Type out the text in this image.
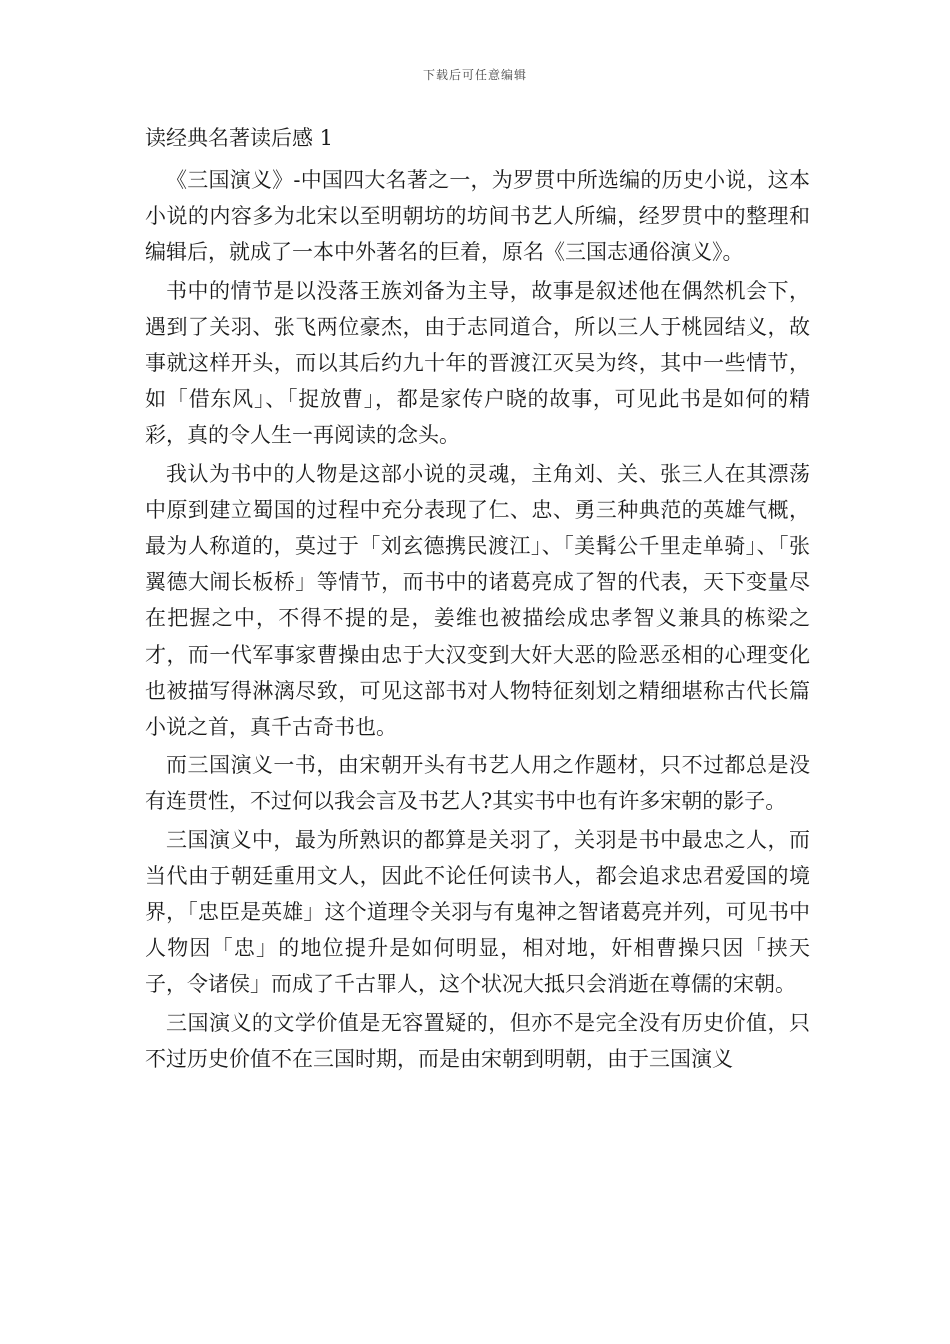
下载后可任意编辑
读经典名著读后感 1

《三国演义》-中国四大名著之一，为罗贯中所选编的历史小说，这本小说的内容多为北宋以至明朝坊的坊间书艺人所编，经罗贯中的整理和编辑后，就成了一本中外著名的巨着，原名《三国志通俗演义》。

书中的情节是以没落王族刘备为主导，故事是叙述他在偶然机会下，遇到了关羽、张飞两位豪杰，由于志同道合，所以三人于桃园结义，故事就这样开头，而以其后约九十年的晋渡江灭吴为终，其中一些情节，如「借东风」、「捉放曹」，都是家传户晓的故事，可见此书是如何的精彩，真的令人生一再阅读的念头。

我认为书中的人物是这部小说的灵魂，主角刘、关、张三人在其漂荡中原到建立蜀国的过程中充分表现了仁、忠、勇三种典范的英雄气概，最为人称道的，莫过于「刘玄德携民渡江」、「美髯公千里走单骑」、「张翼德大闹长板桥」等情节，而书中的诸葛亮成了智的代表，天下变量尽在把握之中，不得不提的是，姜维也被描绘成忠孝智义兼具的栋梁之才，而一代军事家曹操由忠于大汉变到大奸大恶的险恶丞相的心理变化也被描写得淋漓尽致，可见这部书对人物特征刻划之精细堪称古代长篇小说之首，真千古奇书也。

而三国演义一书，由宋朝开头有书艺人用之作题材，只不过都总是没有连贯性，不过何以我会言及书艺人?其实书中也有许多宋朝的影子。

三国演义中，最为所熟识的都算是关羽了，关羽是书中最忠之人，而当代由于朝廷重用文人，因此不论任何读书人，都会追求忠君爱国的境界，「忠臣是英雄」这个道理令关羽与有鬼神之智诸葛亮并列，可见书中人物因「忠」的地位提升是如何明显，相对地，奸相曹操只因「挟天子，令诸侯」而成了千古罪人，这个状况大抵只会消逝在尊儒的宋朝。

三国演义的文学价值是无容置疑的，但亦不是完全没有历史价值，只不过历史价值不在三国时期，而是由宋朝到明朝，由于三国演义
